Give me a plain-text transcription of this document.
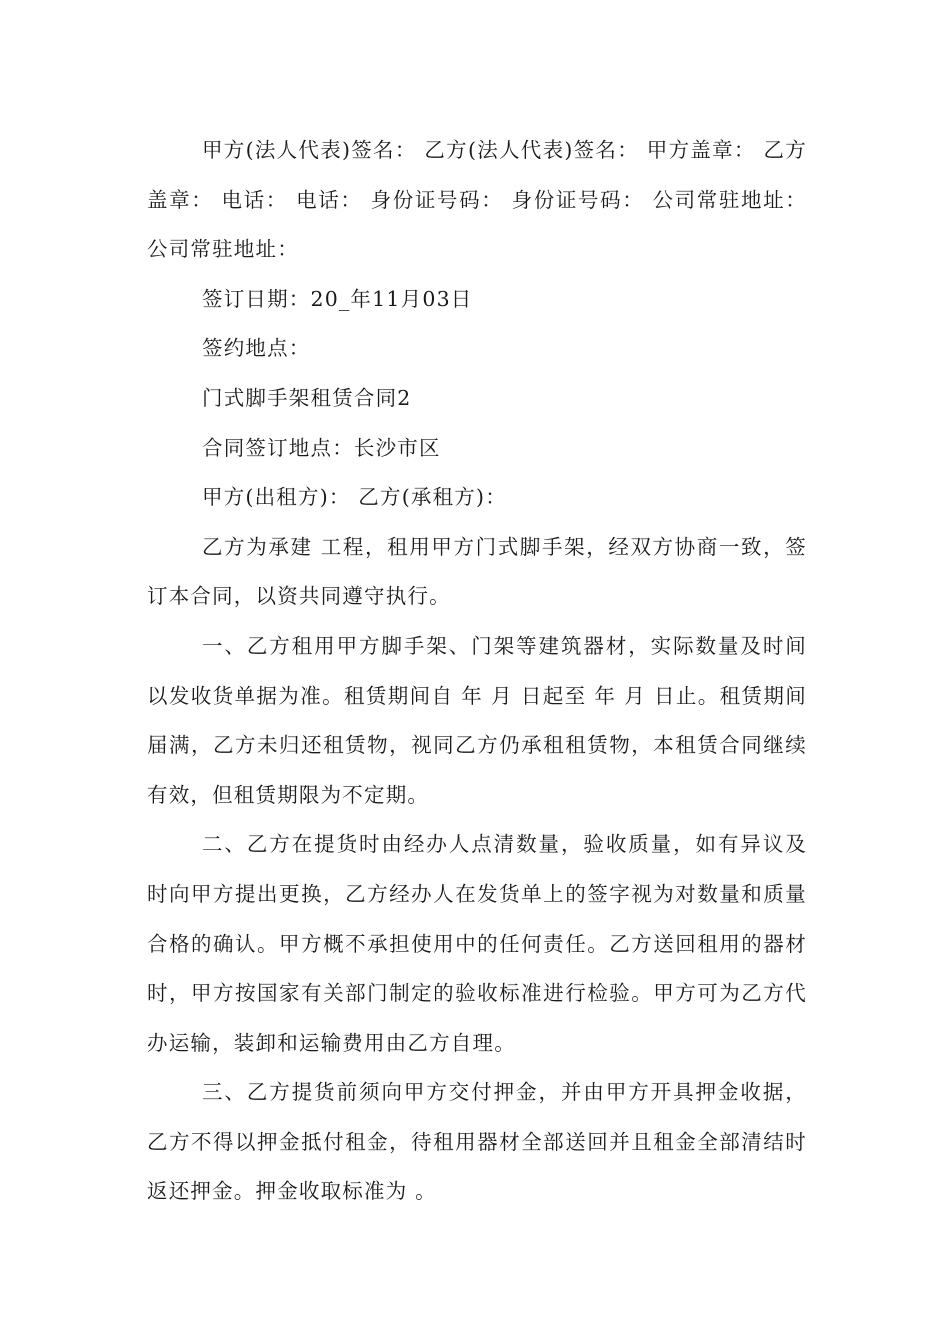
甲方(法人代表)签名： 乙方(法人代表)签名： 甲方盖章： 乙方盖章： 电话： 电话： 身份证号码： 身份证号码： 公司常驻地址： 公司常驻地址：

签订日期：20_年11月03日

签约地点：

门式脚手架租赁合同2

合同签订地点：长沙市区

甲方(出租方)： 乙方(承租方)：

乙方为承建 工程，租用甲方门式脚手架，经双方协商一致，签订本合同，以资共同遵守执行。

一、乙方租用甲方脚手架、门架等建筑器材，实际数量及时间以发收货单据为准。租赁期间自 年 月 日起至 年 月 日止。租赁期间届满，乙方未归还租赁物，视同乙方仍承租租赁物，本租赁合同继续有效，但租赁期限为不定期。

二、乙方在提货时由经办人点清数量，验收质量，如有异议及时向甲方提出更换，乙方经办人在发货单上的签字视为对数量和质量合格的确认。甲方概不承担使用中的任何责任。乙方送回租用的器材时，甲方按国家有关部门制定的验收标准进行检验。甲方可为乙方代办运输，装卸和运输费用由乙方自理。

三、乙方提货前须向甲方交付押金，并由甲方开具押金收据，乙方不得以押金抵付租金，待租用器材全部送回并且租金全部清结时返还押金。押金收取标准为 。
